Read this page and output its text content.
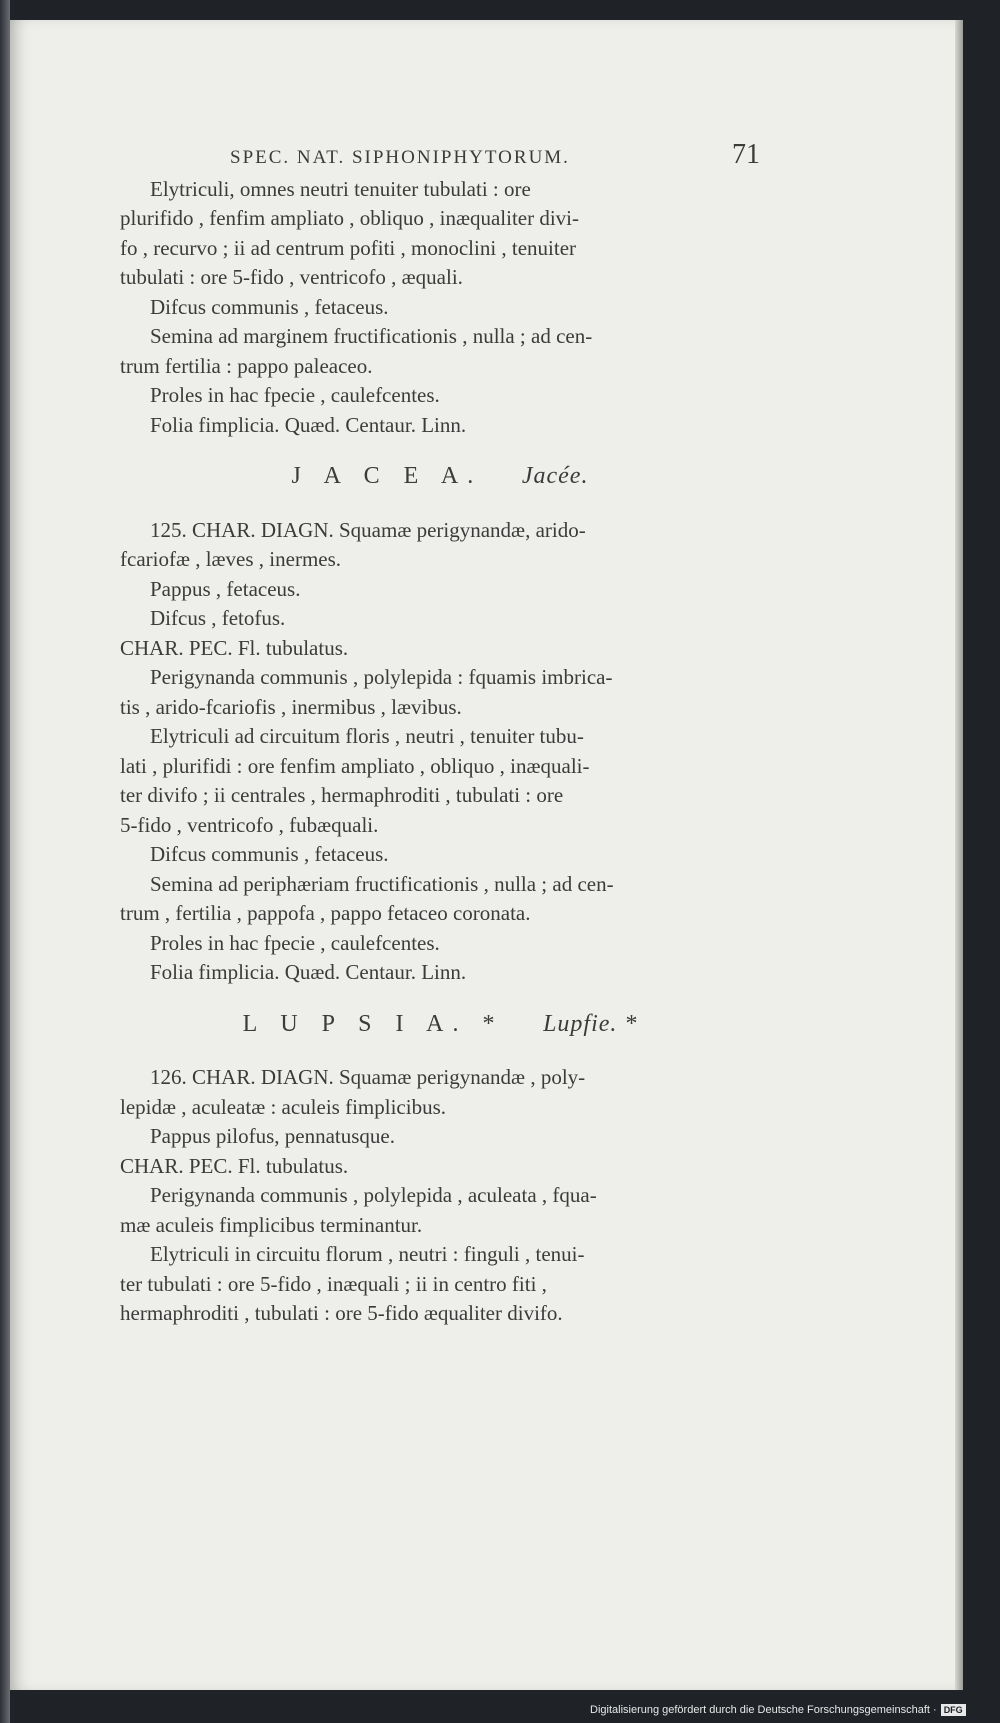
SPEC. NAT. SIPHONIPHYTORUM.	71
Elytriculi, omnes neutri tenuiter tubulati : ore
plurifido , fenfim ampliato , obliquo , inæqualiter divi-
fo , recurvo ; ii ad centrum pofiti , monoclini , tenuiter
tubulati : ore 5-fido , ventricofo , æquali.
Difcus communis , fetaceus.
Semina ad marginem fructificationis , nulla ; ad cen-
trum fertilia : pappo paleaceo.
Proles in hac fpecie , caulefcentes.
Folia fimplicia. Quæd. Centaur. Linn.
J A C E A. Jacée.
125. CHAR. DIAGN. Squamæ perigynandæ, arido-
fcariofæ , læves , inermes.
Pappus , fetaceus.
Difcus , fetofus.
CHAR. PEC. Fl. tubulatus.
Perigynanda communis , polylepida : fquamis imbrica-
tis , arido-fcariofis , inermibus , lævibus.
Elytriculi ad circuitum floris , neutri , tenuiter tubu-
lati , plurifidi : ore fenfim ampliato , obliquo , inæquali-
ter divifo ; ii centrales , hermaphroditi , tubulati : ore
5-fido , ventricofo , fubæquali.
Difcus communis , fetaceus.
Semina ad periphæriam fructificationis , nulla ; ad cen-
trum , fertilia , pappofa , pappo fetaceo coronata.
Proles in hac fpecie , caulefcentes.
Folia fimplicia. Quæd. Centaur. Linn.
L U P S I A. * Lupfie. *
126. CHAR. DIAGN. Squamæ perigynandæ , poly-
lepidæ , aculeatæ : aculeis fimplicibus.
Pappus pilofus, pennatusque.
CHAR. PEC. Fl. tubulatus.
Perigynanda communis , polylepida , aculeata , fqua-
mæ aculeis fimplicibus terminantur.
Elytriculi in circuitu florum , neutri : finguli , tenui-
ter tubulati : ore 5-fido , inæquali ; ii in centro fiti ,
hermaphroditi , tubulati : ore 5-fido æqualiter divifo.
Digitalisierung gefördert durch die Deutsche Forschungsgemeinschaft · DFG
